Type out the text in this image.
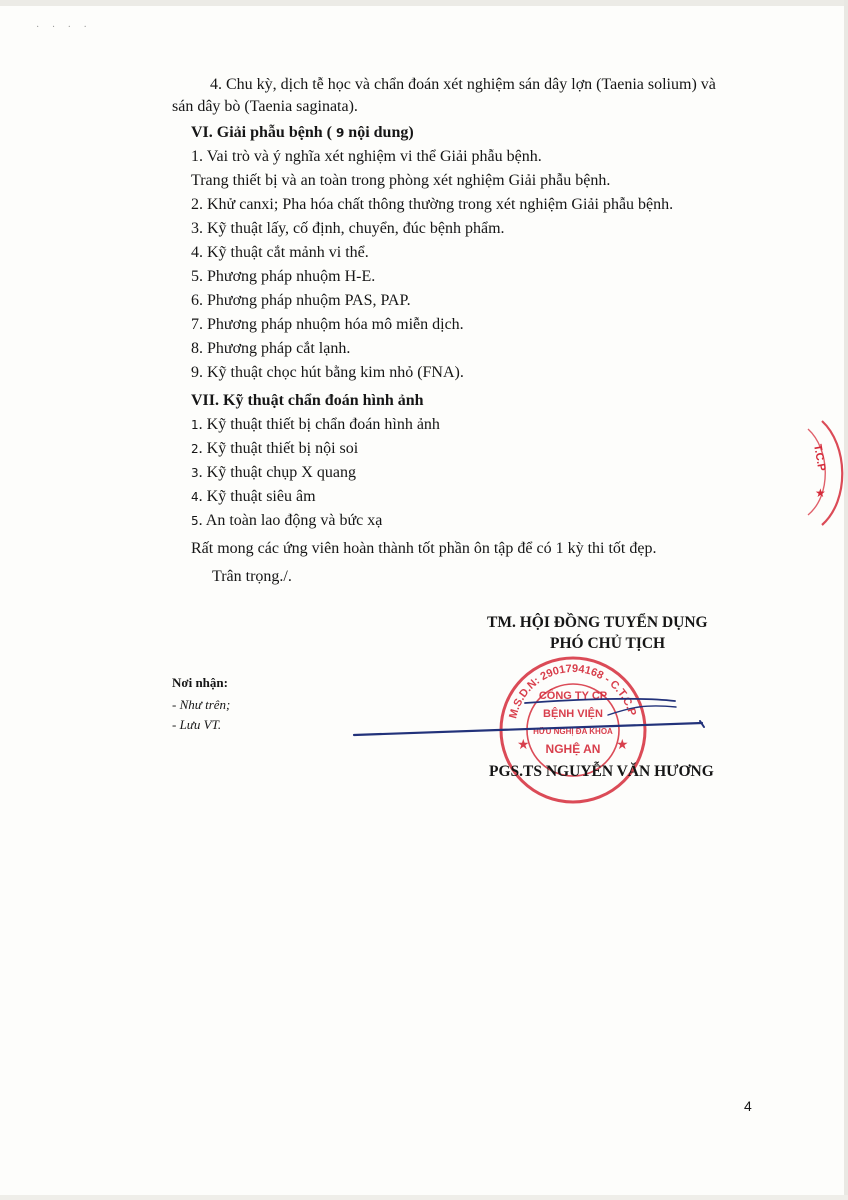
· · · ·
4. Chu kỳ, dịch tễ học và chẩn đoán xét nghiệm sán dây lợn (Taenia solium) và
sán dây bò (Taenia saginata).
VI. Giải phẫu bệnh ( 9 nội dung)
1. Vai trò và ý nghĩa xét nghiệm vi thể Giải phẫu bệnh.
Trang thiết bị và an toàn trong phòng xét nghiệm Giải phẫu bệnh.
2. Khử canxi; Pha hóa chất thông thường trong xét nghiệm Giải phẫu bệnh.
3. Kỹ thuật lấy, cố định, chuyển, đúc bệnh phẩm.
4. Kỹ thuật cắt mảnh vi thể.
5. Phương pháp nhuộm H-E.
6. Phương pháp nhuộm PAS, PAP.
7. Phương pháp nhuộm hóa mô miễn dịch.
8. Phương pháp cắt lạnh.
9. Kỹ thuật chọc hút bằng kim nhỏ (FNA).
VII. Kỹ thuật chẩn đoán hình ảnh
1. Kỹ thuật thiết bị chẩn đoán hình ảnh
2. Kỹ thuật thiết bị nội soi
3. Kỹ thuật chụp X quang
4. Kỹ thuật siêu âm
5. An toàn lao động và bức xạ
Rất mong các ứng viên hoàn thành tốt phần ôn tập để có 1 kỳ thi tốt đẹp.
Trân trọng./.
TM. HỘI ĐỒNG TUYỂN DỤNG
PHÓ CHỦ TỊCH
Nơi nhận:
- Như trên;
- Lưu VT.
M.S.D.N: 2901794168 - C.T.C.P
CÔNG TY CP
BỆNH VIỆN
HỮU NGHỊ ĐA KHOA
NGHỆ AN
★	★
PGS.TS NGUYỄN VĂN HƯƠNG
T.C.P
★
4
